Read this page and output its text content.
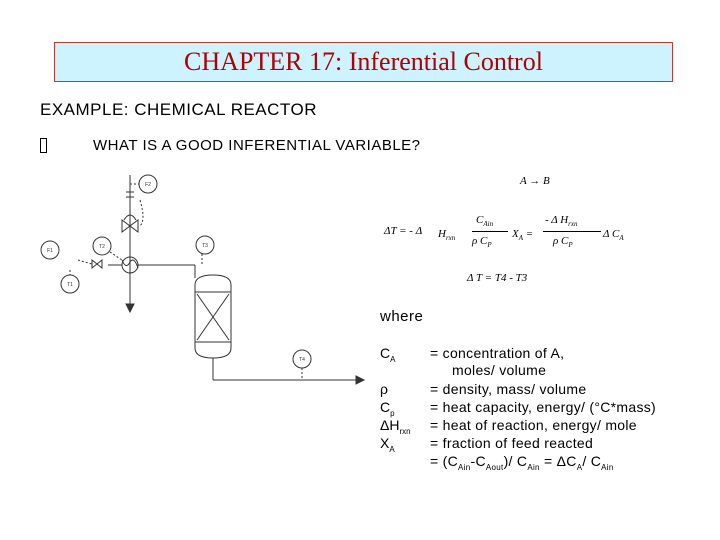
CHAPTER 17: Inferential Control
EXAMPLE: CHEMICAL REACTOR
WHAT IS A GOOD INFERENTIAL VARIABLE?
F2
F1
T2
T1
T3
T4
A → B
ΔT = - Δ $H_{rxn}$
$C_{Ain}$
ρ $C_P$
$X_A$ =
- Δ $H_{rxn}$
ρ $C_P$
Δ $C_A$
Δ T = T4 - T3
where
$C_A$ = concentration of A,
moles/ volume
ρ	= density, mass/ volume
$C_p$	= heat capacity, energy/ (°C*mass)
$\Delta H_{rxn}$ = heat of reaction, energy/ mole
$X_A$	= fraction of feed reacted
= $(C_{Ain}-C_{Aout})/$ $C_{Ain} = \Delta C_A/$ $C_{Ain}$
